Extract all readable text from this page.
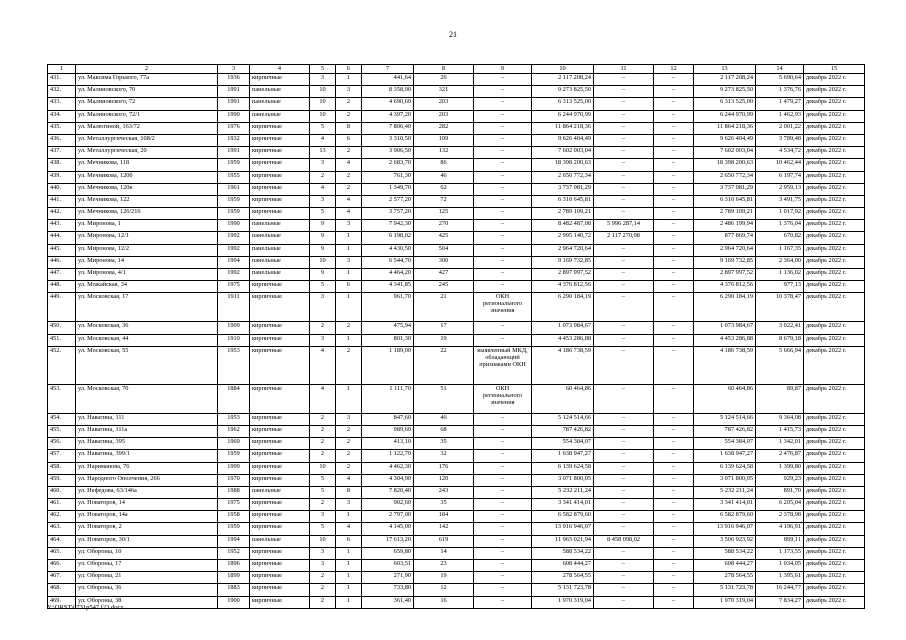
21
1	2	3	4	5	6	7	8	9	10	11	12	13	14	15
431.	ул. Максима Горького, 77а	1936	кирпичные	3	1	441,64	26	–	2 117 208,24	–	–	2 117 208,24	5 690,64	декабрь 2022 г.
432.	ул. Малиновского, 70	1991	панельные	10	3	8 358,00	321	–	9 273 825,50	–	–	9 273 825,50	1 376,76	декабрь 2022 г.
433.	ул. Малиновского, 72	1991	панельные	10	2	4 690,60	203	–	6 313 525,00	–	–	6 313 525,00	1 479,27	декабрь 2022 г.
434.	ул. Малиновского, 72/1	1990	панельные	10	2	4 397,20	203	–	6 244 970,99	–	–	6 244 970,99	1 462,93	декабрь 2022 г.
435.	ул. Малюгиной, 163/72	1976	кирпичные	5	8	7 806,40	282	–	11 864 218,36	–	–	11 864 218,36	2 001,22	декабрь 2022 г.
436.	ул. Металлургическая, 108/2	1932	кирпичные	4	6	3 310,50	109	–	9 626 404,49	–	–	9 626 404,49	3 789,48	декабрь 2022 г.
437.	ул. Металлургическая, 20	1991	кирпичные	13	2	3 906,50	132	–	7 602 003,04	–	–	7 602 003,04	4 534,72	декабрь 2022 г.
438.	ул. Мечникова, 118	1959	кирпичные	3	4	2 683,70	86	–	18 398 200,63	–	–	18 398 200,63	10 462,44	декабрь 2022 г.
439.	ул. Мечникова, 120б	1955	кирпичные	2	2	761,30	46	–	2 650 772,34	–	–	2 650 772,34	6 197,74	декабрь 2022 г.
440.	ул. Мечникова, 120в	1961	кирпичные	4	2	1 349,70	62	–	3 737 081,29	–	–	3 737 081,29	2 959,13	декабрь 2022 г.
441.	ул. Мечникова, 122	1959	кирпичные	3	4	2 577,20	72	–	6 310 645,81	–	–	6 310 645,81	3 491,75	декабрь 2022 г.
442.	ул. Мечникова, 126/216	1959	кирпичные	5	4	3 757,20	125	–	2 789 109,21	–	–	2 789 109,21	1 017,92	декабрь 2022 г.
443.	ул. Миронова, 1	1990	панельные	9	3	7 942,30	270	–	8 482 487,08	5 996 287,14	–	2 486 199,94	1 376,04	декабрь 2022 г.
444.	ул. Миронова, 12/1	1992	панельные	9	1	6 198,02	425	–	2 995 140,72	2 117 270,98	–	877 869,74	670,82	декабрь 2022 г.
445.	ул. Миронова, 12/2	1992	панельные	9	1	4 430,50	504	–	2 964 720,64	–	–	2 964 720,64	1 167,35	декабрь 2022 г.
446.	ул. Миронова, 14	1994	панельные	10	3	6 544,70	300	–	9 169 732,85	–	–	9 169 732,85	2 364,00	декабрь 2022 г.
447.	ул. Миронова, 4/1	1992	панельные	9	1	4 464,20	427	–	2 897 997,52	–	–	2 897 997,52	1 136,02	декабрь 2022 г.
448.	ул. Можайская, 34	1975	кирпичные	5	6	4 341,85	245	–	4 376 812,56	–	–	4 376 812,56	977,13	декабрь 2022 г.
449.	ул. Московская, 17	1911	кирпичные	3	1	961,70	21	ОКН регионального значения	6 290 184,19	–	–	6 290 184,19	10 378,47	декабрь 2022 г.
450.	ул. Московская, 36	1909	кирпичные	2	2	475,94	17	–	1 073 984,67	–	–	1 073 984,67	3 022,41	декабрь 2022 г.
451.	ул. Московская, 44	1910	кирпичные	3	1	801,30	19	–	4 453 286,88	–	–	4 453 286,88	8 679,18	декабрь 2022 г.
452.	ул. Московская, 55	1953	кирпичные	4	2	1 189,00	22	выявленный МКД, обладающий признаками ОКН	4 186 738,59	–	–	4 186 738,59	5 666,94	декабрь 2022 г.
453.	ул. Московская, 70	1884	кирпичные	4	1	1 111,70	51	ОКН регионального значения	60 464,86	–	–	60 464,86	89,87	декабрь 2022 г.
454.	ул. Навагина, 111	1953	кирпичные	2	3	847,60	46	–	5 124 514,66	–	–	5 124 514,66	9 364,08	декабрь 2022 г.
455.	ул. Навагина, 111а	1962	кирпичные	2	2	989,60	68	–	787 426,82	–	–	787 426,82	1 415,73	декабрь 2022 г.
456.	ул. Навагина, 395	1969	кирпичные	2	2	413,10	35	–	554 384,07	–	–	554 384,07	1 342,01	декабрь 2022 г.
457.	ул. Навагина, 399/1	1959	кирпичные	2	2	1 122,70	32	–	1 638 947,27	–	–	1 638 947,27	2 476,87	декабрь 2022 г.
458.	ул. Нариманова, 76	1999	кирпичные	10	2	4 462,30	176	–	6 139 624,58	–	–	6 139 624,58	1 399,80	декабрь 2022 г.
459.	ул. Народного Ополчения, 266	1970	кирпичные	5	4	4 304,90	120	–	3 071 800,05	–	–	3 071 800,05	929,23	декабрь 2022 г.
460.	ул. Нефедова, 63/146а	1988	панельные	5	8	7 820,40	243	–	5 232 211,24	–	–	5 232 211,24	891,70	декабрь 2022 г.
461.	ул. Новаторов, 14	1975	кирпичные	2	3	902,60	35	–	3 341 414,01	–	–	3 341 414,01	6 205,04	декабрь 2022 г.
462.	ул. Новаторов, 14а	1958	кирпичные	3	1	2 797,00	184	–	6 582 879,60	–	–	6 582 879,60	2 378,98	декабрь 2022 г.
463.	ул. Новаторов, 2	1959	кирпичные	5	4	4 145,00	142	–	13 916 946,07	–	–	13 916 946,07	4 196,91	декабрь 2022 г.
464.	ул. Новаторов, 30/1	1994	панельные	10	6	17 613,20	619	–	11 965 021,94	8 458 098,02	–	3 506 923,92	899,11	декабрь 2022 г.
465.	ул. Обороны, 10	1952	кирпичные	3	1	659,80	14	–	588 534,22	–	–	588 534,22	1 173,55	декабрь 2022 г.
466.	ул. Обороны, 17	1896	кирпичные	3	1	603,51	23	–	608 444,27	–	–	608 444,27	1 034,05	декабрь 2022 г.
467.	ул. Обороны, 21	1899	кирпичные	2	1	271,90	19	–	278 564,55	–	–	278 564,55	1 395,61	декабрь 2022 г.
468.	ул. Обороны, 36	1883	кирпичные	2	1	733,80	12	–	5 131 723,78	–	–	5 131 723,78	16 244,77	декабрь 2022 г.
469.	ул. Обороны, 38	1900	кирпичные	2	1	361,40	16	–	1 970 319,04	–	–	1 970 319,04	7 834,27	декабрь 2022 г.
Y:\ORST\0731p547.f23.docx
